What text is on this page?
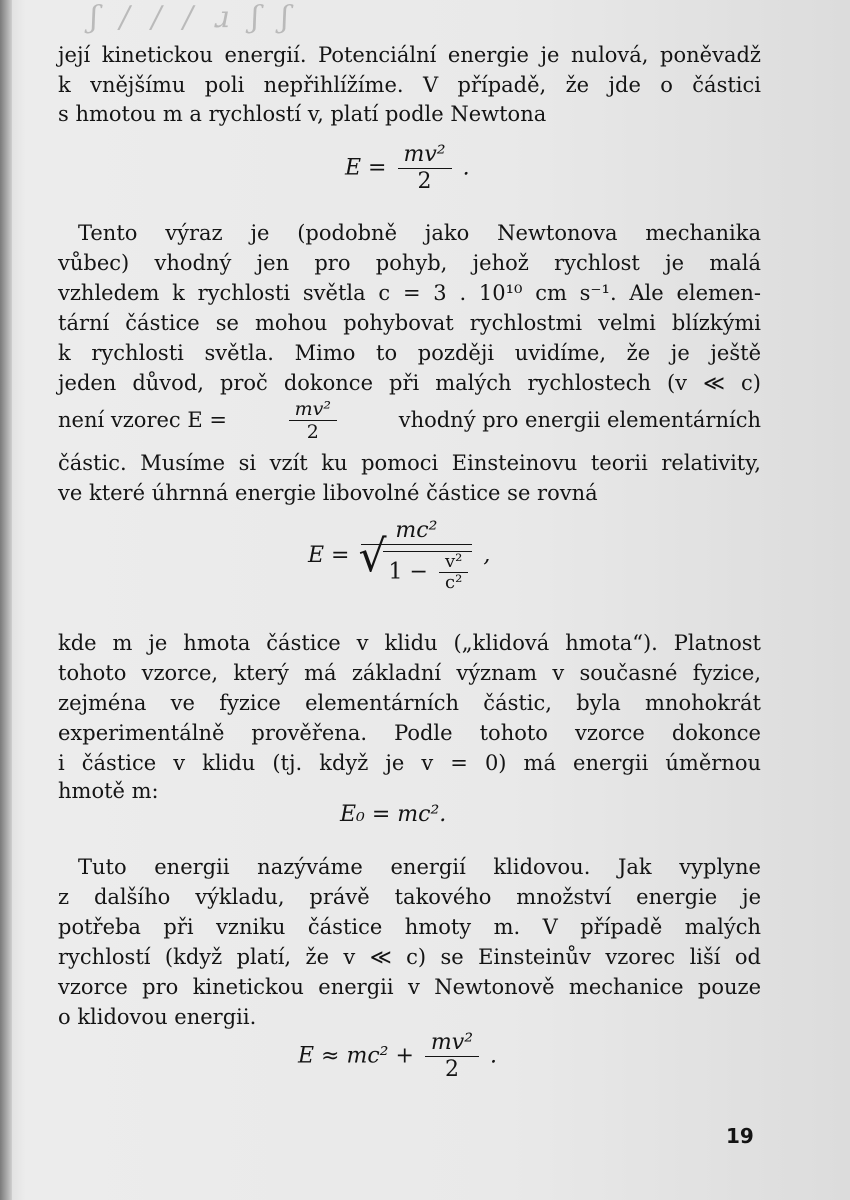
ʃ / / / ɹ ʃ ʃ
její kinetickou energií. Potenciální energie je nulová, poněvadž
k vnějšímu poli nepřihlížíme. V případě, že jde o částici
s hmotou m a rychlostí v, platí podle Newtona
$E = \frac{\text{mv²}}{2}$ .
Tento výraz je (podobně jako Newtonova mechanika
vůbec) vhodný jen pro pohyb, jehož rychlost je malá
vzhledem k rychlosti světla c = 3 . 10¹⁰ cm s⁻¹. Ale elemen-
tární částice se mohou pohybovat rychlostmi velmi blízkými
k rychlosti světla. Mimo to později uvidíme, že je ještě
jeden důvod, proč dokonce při malých rychlostech (v ≪ c)
není vzorec E =	$\frac{\text{mv²}}{2}$	vhodný pro energii elementárních
částic. Musíme si vzít ku pomoci Einsteinovu teorii relativity,
ve které úhrnná energie libovolné částice se rovná
E = mc²
√ $1 - \frac{\text{v²}}{\text{c²}}$ ,
kde m je hmota částice v klidu („klidová hmota“). Platnost
tohoto vzorce, který má základní význam v současné fyzice,
zejména ve fyzice elementárních částic, byla mnohokrát
experimentálně prověřena. Podle tohoto vzorce dokonce
i částice v klidu (tj. když je v = 0) má energii úměrnou
hmotě m:
E₀ = mc².
Tuto energii nazýváme energií klidovou. Jak vyplyne
z dalšího výkladu, právě takového množství energie je
potřeba při vzniku částice hmoty m. V případě malých
rychlostí (když platí, že v ≪ c) se Einsteinův vzorec liší od
vzorce pro kinetickou energii v Newtonově mechanice pouze
o klidovou energii.
$E \approx mc^2 + \frac{\text{mv²}}{2}$ .
19
